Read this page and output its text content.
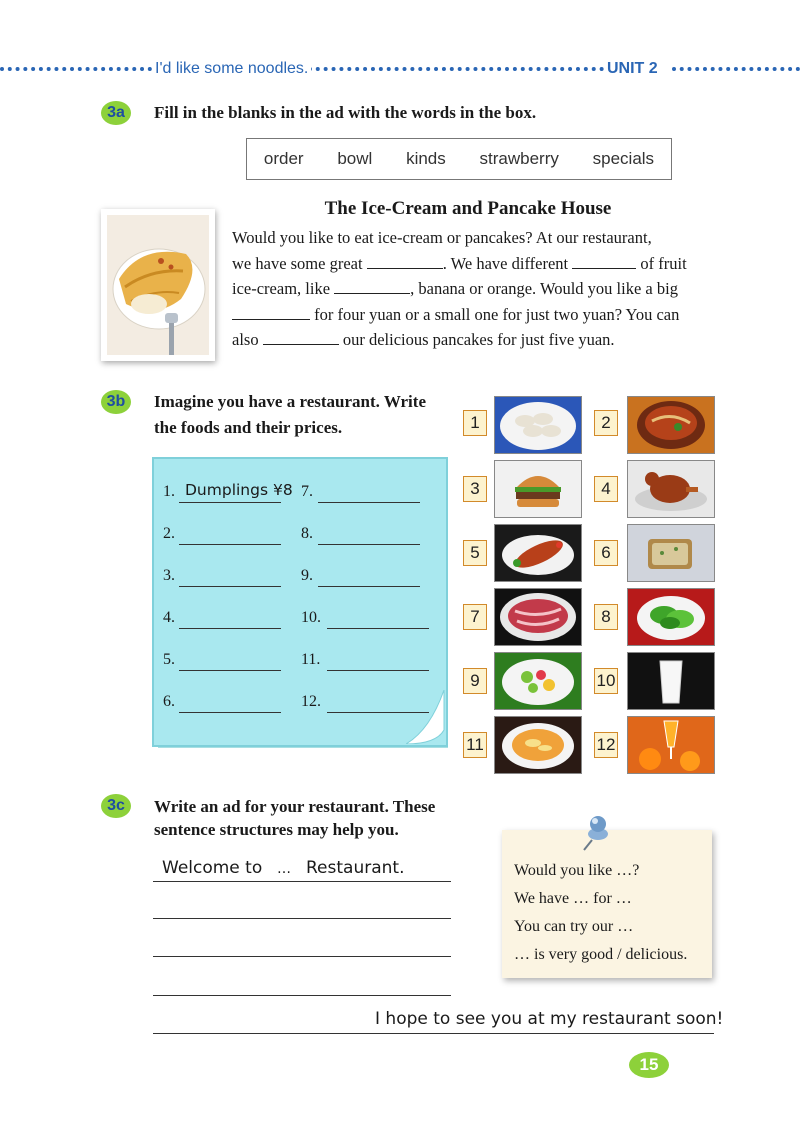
I'd like some noodles.	UNIT 2
3a	Fill in the blanks in the ad with the words in the box.
order bowl kinds strawberry specials
The Ice-Cream and Pancake House
Would you like to eat ice-cream or pancakes? At our restaurant,
we have some great	. We have different	of fruit
ice-cream, like	, banana or orange. Would you like a big
for four yuan or a small one for just two yuan? You can
also	our delicious pancakes for just five yuan.
3b	Imagine you have a restaurant. Write
the foods and their prices.
1. Dumplings ¥8
2.
3.
4.
5.
6.
7.
8.
9.
10.
11.
12.
1	2
3	4
5	6
7	8
9	10
11	12
3c	Write an ad for your restaurant. These
sentence structures may help you.
Welcome to … Restaurant.
I hope to see you at my restaurant soon!
Would you like …?
We have … for …
You can try our …
… is very good / delicious.
15
